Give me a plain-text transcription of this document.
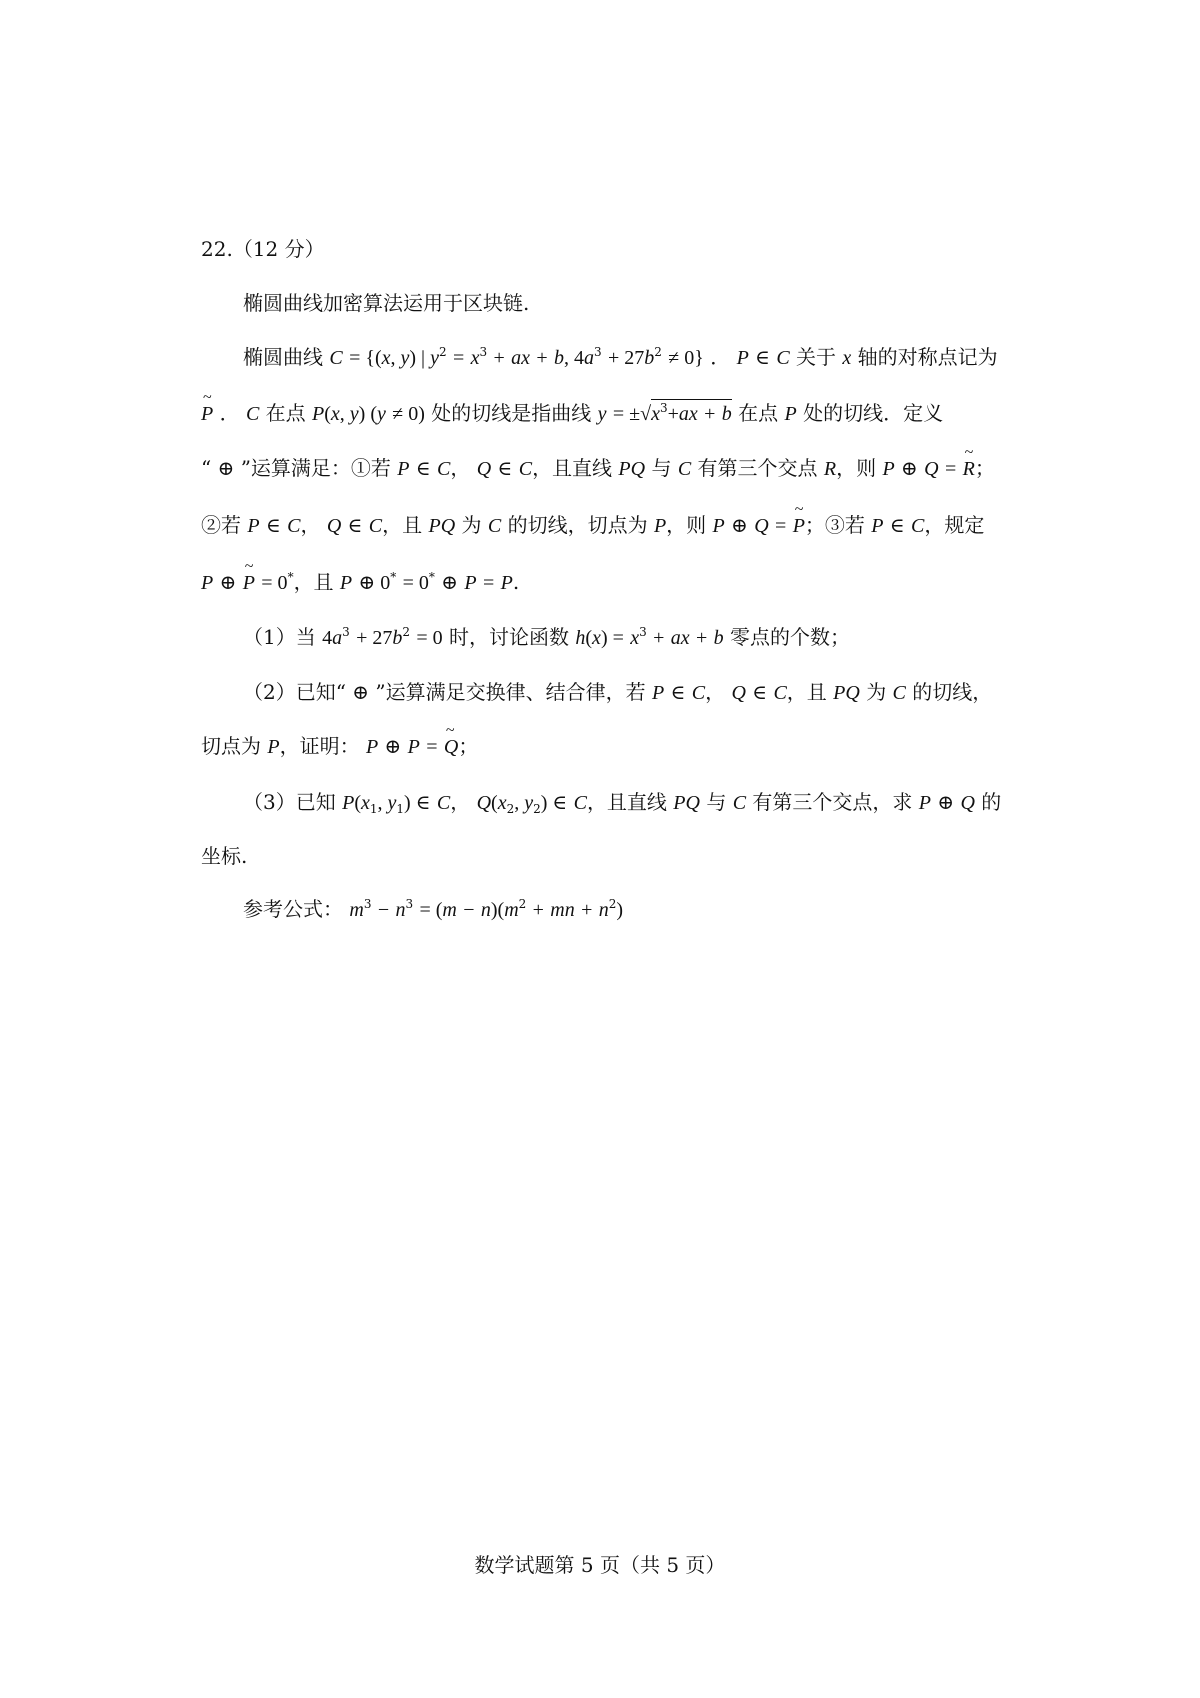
22.（12 分）
椭圆曲线加密算法运用于区块链.
椭圆曲线 C = {(x, y) | $y^2 = x^3$ + ax + b, $4a^3 + 27b^2 \ne 0$} ． P ∈ C 关于 x 轴的对称点记为
~ P ． C 在点 P(x, y) (y ≠ 0) 处的切线是指曲线 $y = \pm√x^3+ax + b$ 在点 P 处的切线．定义
“ ⊕ ”运算满足：①若 P ∈ C， Q ∈ C，且直线 PQ 与 C 有第三个交点 R，则 P ⊕ Q = ~ R；
②若 P ∈ C， Q ∈ C，且 PQ 为 C 的切线，切点为 P，则 P ⊕ Q = ~ P；③若 P ∈ C，规定
P ⊕ ~ P = 0*，且 P ⊕ 0* = 0* ⊕ P = P.
（1）当 $4a^3 + 27b^2 = 0$ 时，讨论函数 $h(x) = x^3$ + ax + b 零点的个数；
（2）已知“ ⊕ ”运算满足交换律、结合律，若 P ∈ C， Q ∈ C，且 PQ 为 C 的切线，
切点为 P，证明： P ⊕ P = ~ Q；
（3）已知 $P(x_1$, $y_1$) ∈ C， $Q(x_2$, $y_2$) ∈ C，且直线 PQ 与 C 有第三个交点，求 P ⊕ Q 的
坐标.
参考公式： $m^3 - n^3 = (m - n)(m^2$ + mn + $n^2$)
数学试题第 5 页（共 5 页）
